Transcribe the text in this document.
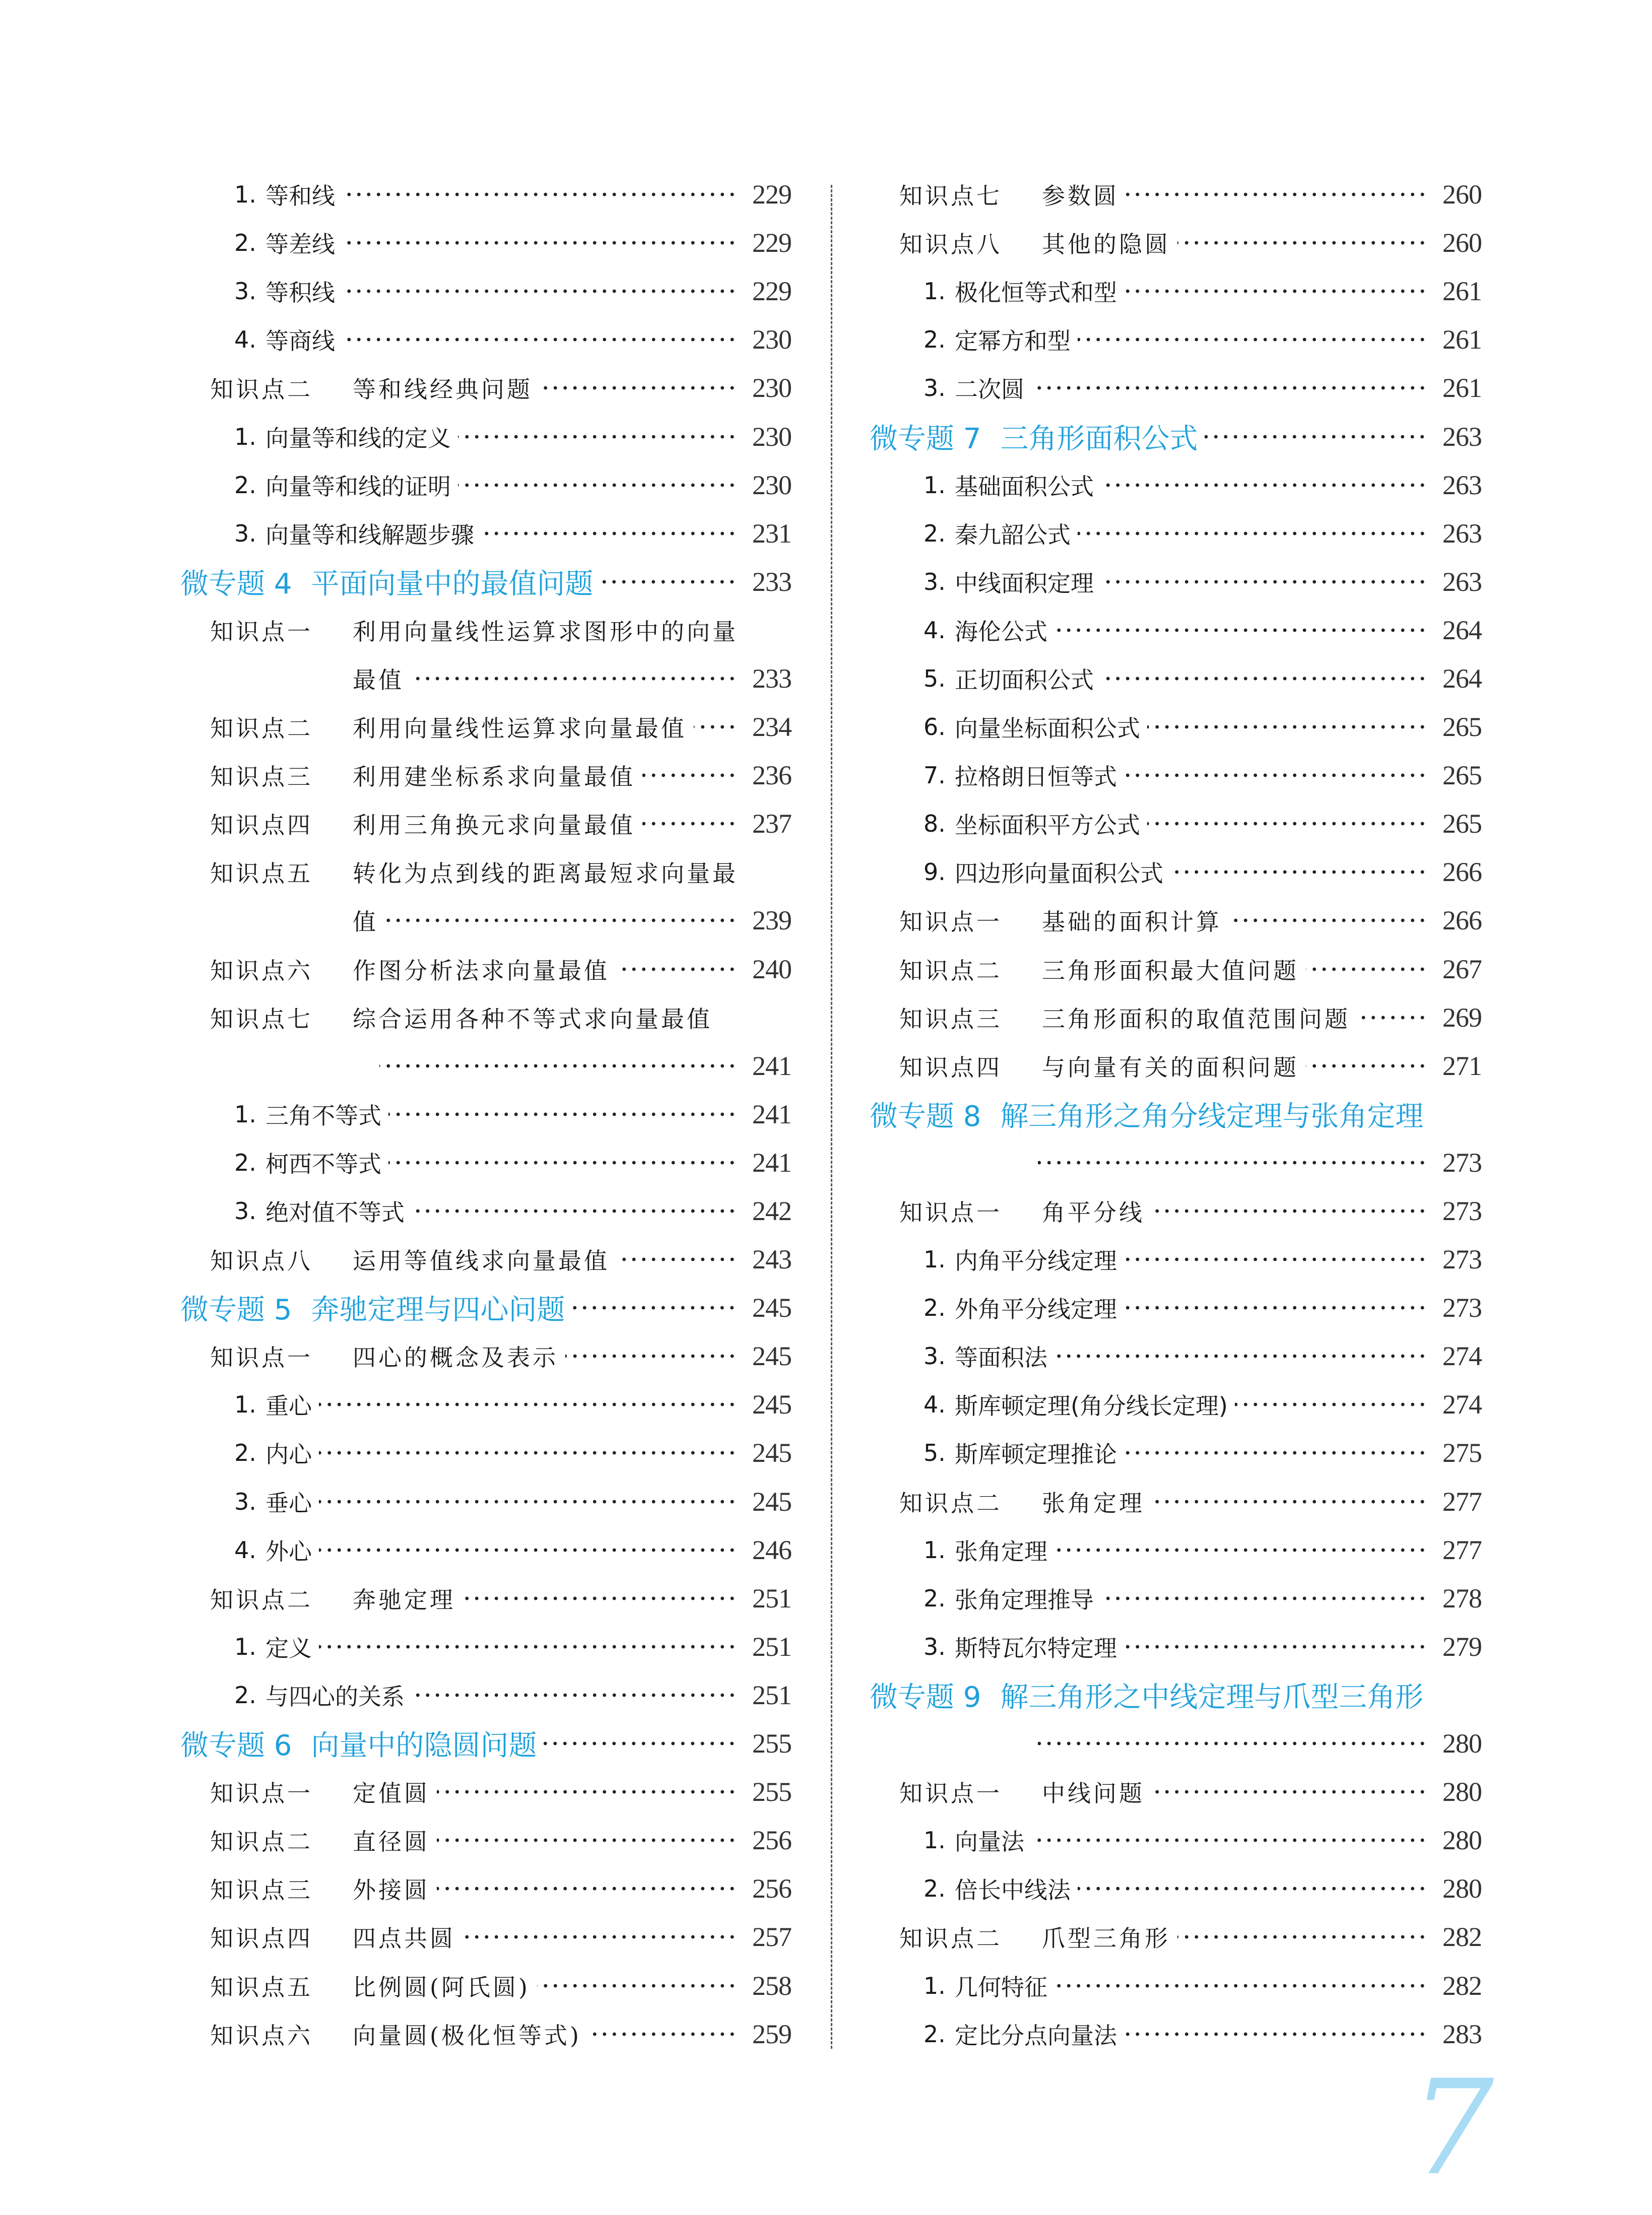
7
1. 等和线	229
2. 等差线	229
3. 等积线	229
4. 等商线	230
知识点二	等和线经典问题	230
1. 向量等和线的定义	230
2. 向量等和线的证明	230
3. 向量等和线解题步骤	231
微专题 4 平面向量中的最值问题	233
知识点一	利用向量线性运算求图形中的向量
最值	233
知识点二	利用向量线性运算求向量最值 234
知识点三	利用建坐标系求向量最值	236
知识点四	利用三角换元求向量最值	237
知识点五	转化为点到线的距离最短求向量最
值	239
知识点六	作图分析法求向量最值	240
知识点七	综合运用各种不等式求向量最值
241
1. 三角不等式	241
2. 柯西不等式	241
3. 绝对值不等式	242
知识点八	运用等值线求向量最值	243
微专题 5 奔驰定理与四心问题	245
知识点一	四心的概念及表示	245
1. 重心	245
2. 内心	245
3. 垂心	245
4. 外心	246
知识点二	奔驰定理	251
1. 定义	251
2. 与四心的关系	251
微专题 6 向量中的隐圆问题	255
知识点一	定值圆	255
知识点二	直径圆	256
知识点三	外接圆	256
知识点四	四点共圆	257
知识点五	比例圆(阿氏圆)	258
知识点六	向量圆(极化恒等式)	259
知识点七	参数圆	260
知识点八	其他的隐圆	260
1. 极化恒等式和型	261
2. 定幂方和型	261
3. 二次圆	261
微专题 7 三角形面积公式	263
1. 基础面积公式	263
2. 秦九韶公式	263
3. 中线面积定理	263
4. 海伦公式	264
5. 正切面积公式	264
6. 向量坐标面积公式	265
7. 拉格朗日恒等式	265
8. 坐标面积平方公式	265
9. 四边形向量面积公式	266
知识点一	基础的面积计算	266
知识点二	三角形面积最大值问题	267
知识点三	三角形面积的取值范围问题	269
知识点四	与向量有关的面积问题	271
微专题 8 解三角形之角分线定理与张角定理
273
知识点一	角平分线	273
1. 内角平分线定理	273
2. 外角平分线定理	273
3. 等面积法	274
4. 斯库顿定理(角分线长定理)	274
5. 斯库顿定理推论	275
知识点二	张角定理	277
1. 张角定理	277
2. 张角定理推导	278
3. 斯特瓦尔特定理	279
微专题 9 解三角形之中线定理与爪型三角形
280
知识点一	中线问题	280
1. 向量法	280
2. 倍长中线法	280
知识点二	爪型三角形	282
1. 几何特征	282
2. 定比分点向量法	283
